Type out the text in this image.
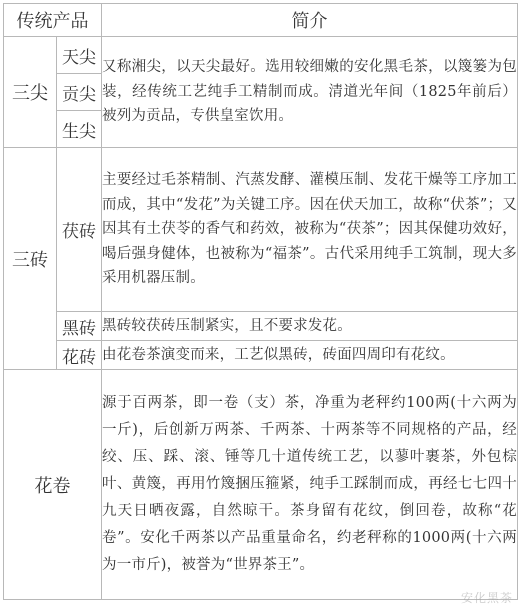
传统产品		简介
三尖	天尖	又称湘尖，以天尖最好。选用较细嫩的安化黑毛茶，以篾篓为包装，经传统工艺纯手工精制而成。清道光年间（1825年前后）被列为贡品，专供皇室饮用。
	贡尖	
	生尖	
三砖	茯砖	主要经过毛茶精制、汽蒸发酵、灌模压制、发花干燥等工序加工而成，其中“发花”为关键工序。因在伏天加工，故称“伏茶”；又因其有土茯苓的香气和药效，被称为“茯茶”；因其保健功效好，喝后强身健体，也被称为“福茶”。古代采用纯手工筑制，现大多采用机器压制。
	黑砖	黑砖较茯砖压制紧实，且不要求发花。
	花砖	由花卷茶演变而来，工艺似黑砖，砖面四周印有花纹。
花卷		源于百两茶，即一卷（支）茶，净重为老秤约100两(十六两为一斤)，后创新万两茶、千两茶、十两茶等不同规格的产品，经绞、压、踩、滚、锤等几十道传统工艺，以蓼叶裹茶，外包棕叶、黄篾，再用竹篾捆压箍紧，纯手工踩制而成，再经七七四十九天日晒夜露，自然晾干。茶身留有花纹，倒回卷，故称“花卷”。安化千两茶以产品重量命名，约老秤称的1000两(十六两为一市斤)，被誉为“世界茶王”。
安化黑茶
